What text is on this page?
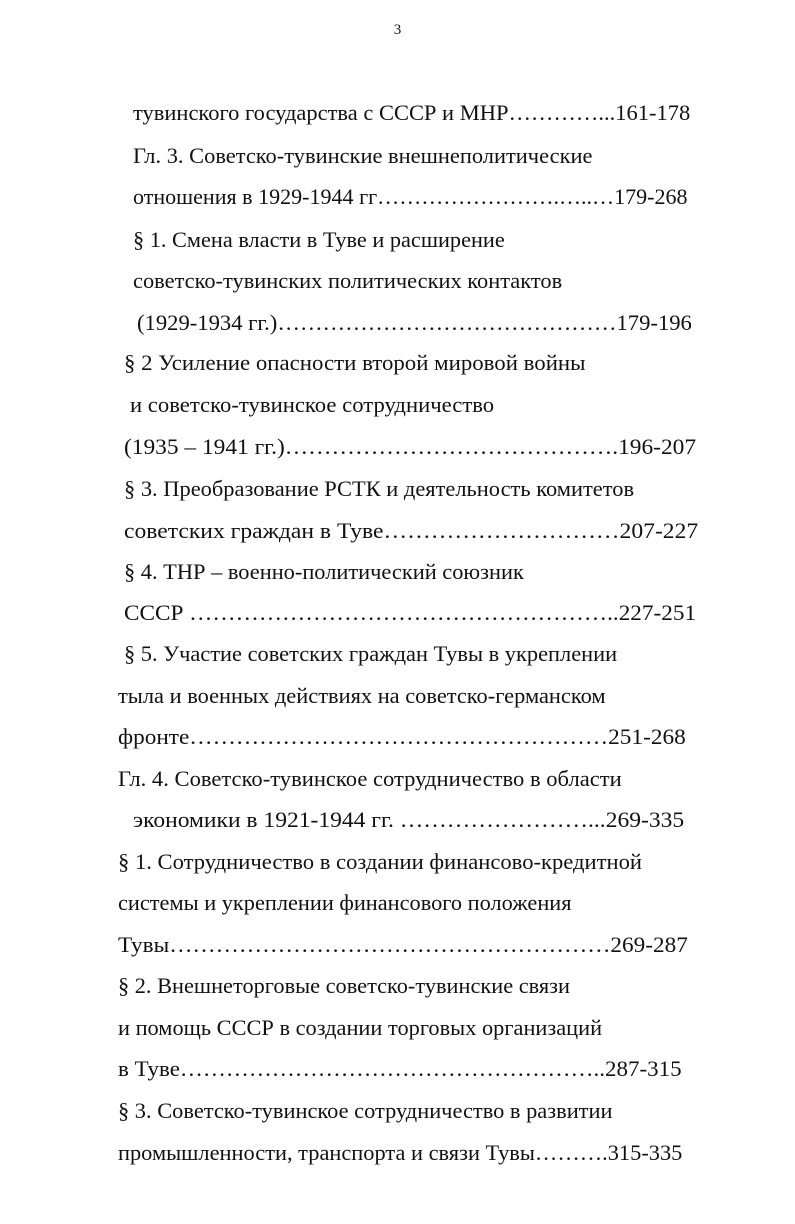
3
тувинского государства с СССР и МНР…………...161-178
Гл. 3. Советско-тувинские внешнеполитические
отношения в 1929-1944 гг…………………….…..…179-268
§ 1. Смена власти в Туве и расширение
советско-тувинских политических контактов
(1929-1934 гг.)………………………………………179-196
§ 2 Усиление опасности второй мировой войны
и советско-тувинское сотрудничество
(1935 – 1941 гг.)…………………………………….196-207
§ 3. Преобразование РСТК и деятельность комитетов
советских граждан в Туве…………………………207-227
§ 4. ТНР – военно-политический союзник
СССР ………………………………………………..227-251
§ 5. Участие советских граждан Тувы в укреплении
тыла и военных действиях на советско-германском
фронте………………………………………………251-268
Гл. 4. Советско-тувинское сотрудничество в области
экономики в 1921-1944 гг. ……………………...269-335
§ 1. Сотрудничество в создании финансово-кредитной
системы и укреплении финансового положения
Тувы…………………………………………………269-287
§ 2. Внешнеторговые советско-тувинские связи
и помощь СССР в создании торговых организаций
в Туве………………………………………………..287-315
§ 3. Советско-тувинское сотрудничество в развитии
промышленности, транспорта и связи Тувы……….315-335
